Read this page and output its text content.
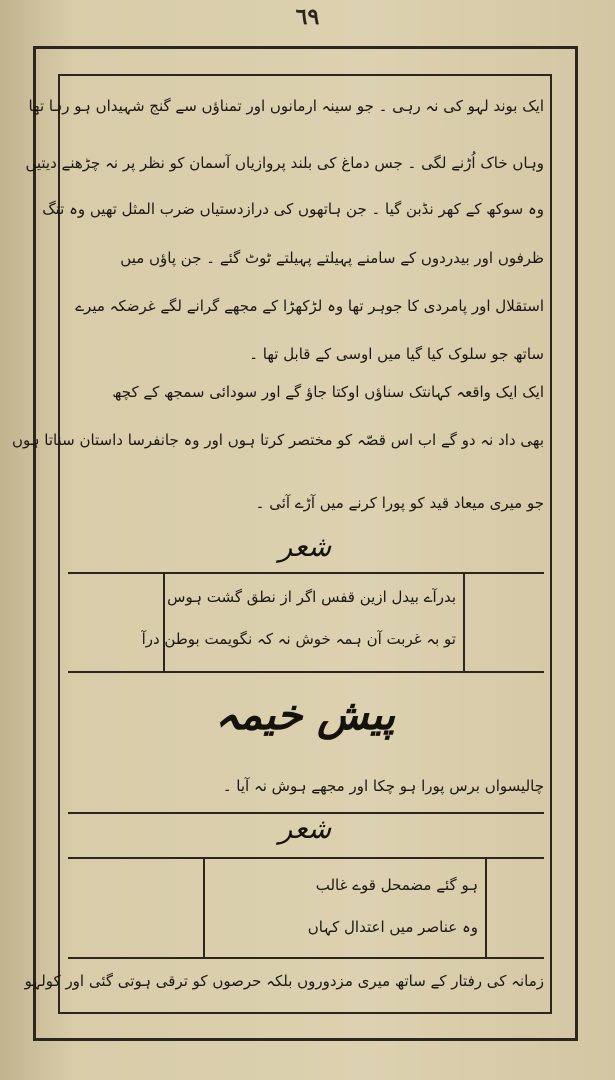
٦٩
ایک بوند لہو کی نہ رہی ۔ جو سینہ ارمانوں اور تمناؤں سے گنج شہیداں ہو رہا تھا
وہاں خاک اُڑنے لگی ۔ جس دماغ کی بلند پروازیاں آسمان کو نظر پر نہ چڑھنے دیتیں
وہ سوکھ کے کھر نڈبن گیا ۔ جن ہاتھوں کی درازدستیاں ضرب المثل تھیں وہ تنگ
ظرفوں اور بیدردوں کے سامنے پہیلتے پہیلتے ٹوٹ گئے ۔ جن پاؤں میں
استقلال اور پامردی کا جوہر تھا وہ لڑکھڑا کے مجھے گرانے لگے غرضکہ میرے
ساتھ جو سلوک کیا گیا میں اوسی کے قابل تھا ۔
ایک ایک واقعہ کہانتک سناؤں اوکتا جاؤ گے اور سودائی سمجھ کے کچھ
بھی داد نہ دو گے اب اس قصّہ کو مختصر کرتا ہوں اور وہ جانفرسا داستان سناتا ہوں
جو میری میعاد قید کو پورا کرنے میں آڑے آئی ۔
شعر
بدرآے بیدل ازین قفس اگر از نطق گشت ہوس
تو بہ غربت آن ہمہ خوش نہ کہ نگویمت بوطن درآ
پیش خیمہ
چالیسواں برس پورا ہو چکا اور مجھے ہوش نہ آیا ۔
شعر
ہو گئے مضمحل قوے غالب
وہ عناصر میں اعتدال کہاں
زمانہ کی رفتار کے ساتھ میری مزدوروں بلکہ حرصوں کو ترقی ہوتی گئی اور کولہو
